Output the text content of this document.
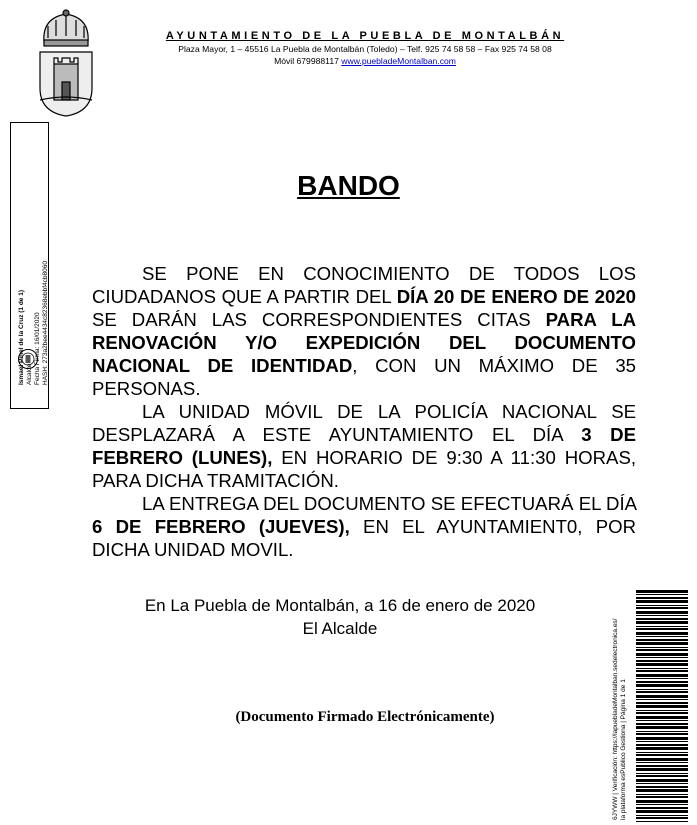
AYUNTAMIENTO DE LA PUEBLA DE MONTALBÁN
Plaza Mayor, 1 – 45516 La Puebla de Montalbán (Toledo) – Telf. 925 74 58 58 – Fax 925 74 58 08
Móvil 679988117 www.puebladeMontalban.com
Ismael Pinel de la Cruz (1 de 1) Alcalde Fecha Firma: 16/01/2020 HASH: 273a2bee4434c82368ebbf4cb8060
BANDO

SE PONE EN CONOCIMIENTO DE TODOS LOS CIUDADANOS QUE A PARTIR DEL DÍA 20 DE ENERO DE 2020 SE DARÁN LAS CORRESPONDIENTES CITAS PARA LA RENOVACIÓN Y/O EXPEDICIÓN DEL DOCUMENTO NACIONAL DE IDENTIDAD, CON UN MÁXIMO DE 35 PERSONAS.

LA UNIDAD MÓVIL DE LA POLICÍA NACIONAL SE DESPLAZARÁ A ESTE AYUNTAMIENTO EL DÍA 3 DE FEBRERO (LUNES), EN HORARIO DE 9:30 A 11:30 HORAS, PARA DICHA TRAMITACIÓN.

LA ENTREGA DEL DOCUMENTO SE EFECTUARÁ EL DÍA 6 DE FEBRERO (JUEVES), EN EL AYUNTAMIENT0, POR DICHA UNIDAD MOVIL.

En La Puebla de Montalbán, a 16 de enero de 2020
El Alcalde
(Documento Firmado Electrónicamente)	6JYWW | Verificación: https://lapuebladeMontalban.sedelectronica.es/ la plataforma esPublico Gestiona | Página 1 de 1
